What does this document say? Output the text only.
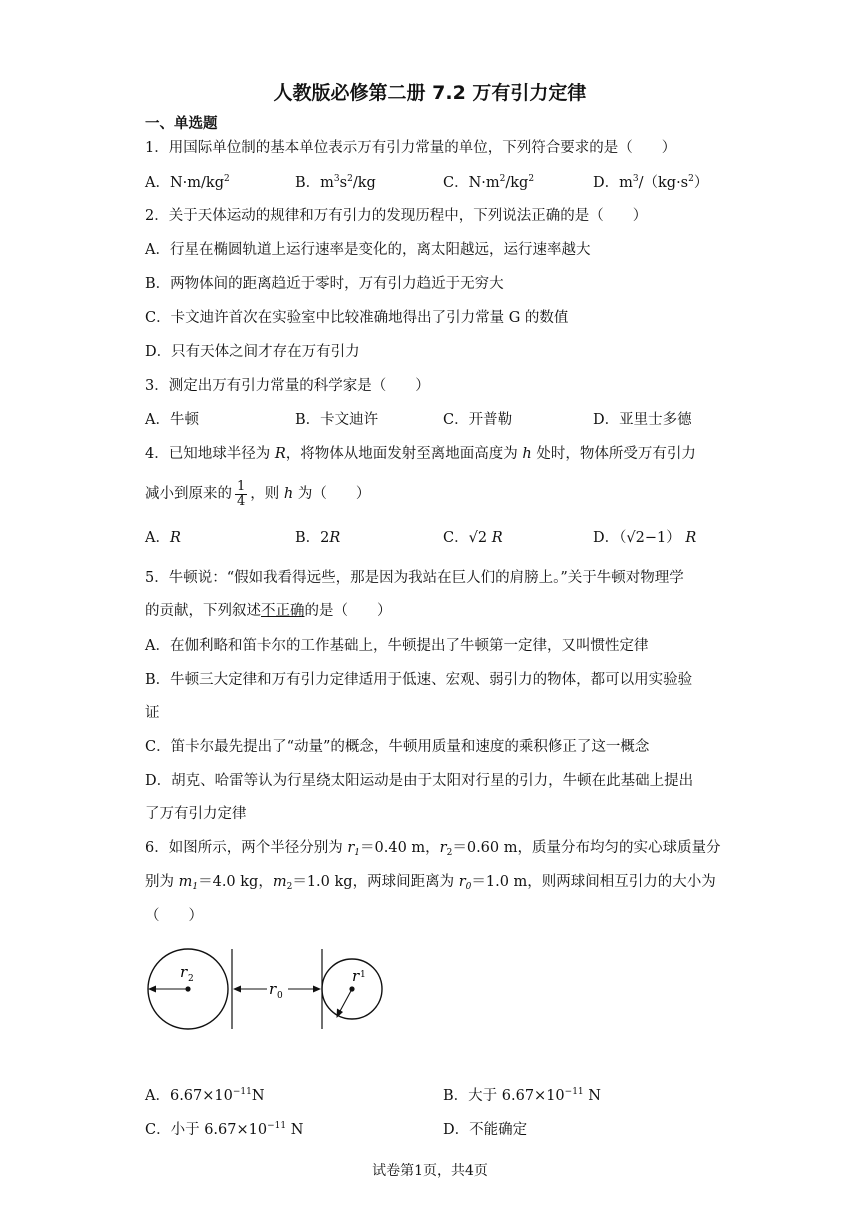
人教版必修第二册 7.2 万有引力定律
一、单选题
1．用国际单位制的基本单位表示万有引力常量的单位，下列符合要求的是（　　）
A．$N\cdot m/kg^2$	B．$m^3s^2/kg$	C．$N\cdot m^2/kg^2$	D．$m^3/(kg\cdot s^2)$
2．关于天体运动的规律和万有引力的发现历程中，下列说法正确的是（　　）
A．行星在椭圆轨道上运行速率是变化的，离太阳越远，运行速率越大
B．两物体间的距离趋近于零时，万有引力趋近于无穷大
C．卡文迪许首次在实验室中比较准确地得出了引力常量 G 的数值
D．只有天体之间才存在万有引力
3．测定出万有引力常量的科学家是（　　）
A．牛顿	B．卡文迪许	C．开普勒	D．亚里士多德
4．已知地球半径为 R，将物体从地面发射至离地面高度为 h 处时，物体所受万有引力
减小到原来的 $\frac{1}{4}$ ，则 h 为（　　）
A．R	B．2R	C．√2 R	D．（√2−1） R
5．牛顿说：“假如我看得远些，那是因为我站在巨人们的肩膀上。”关于牛顿对物理学
的贡献，下列叙述不正确的是（　　）
A．在伽利略和笛卡尔的工作基础上，牛顿提出了牛顿第一定律，又叫惯性定律
B．牛顿三大定律和万有引力定律适用于低速、宏观、弱引力的物体，都可以用实验验
证
C．笛卡尔最先提出了“动量”的概念，牛顿用质量和速度的乘积修正了这一概念
D．胡克、哈雷等认为行星绕太阳运动是由于太阳对行星的引力，牛顿在此基础上提出
了万有引力定律
6．如图所示，两个半径分别为 $r_1=0.40$ m，$r_2=0.60$ m，质量分布均匀的实心球质量分
别为 $m_1=4.0$ kg，$m_2=1.0$ kg，两球间距离为 $r_0=1.0$ m，则两球间相互引力的大小为
（　　）
r 2
r 0
r 1
A．$6.67\times 10^{-11}N$	B．大于 $6.67\times 10^{-11}$ N
C．小于 $6.67\times 10^{-11}$ N	D．不能确定
试卷第1页，共4页
